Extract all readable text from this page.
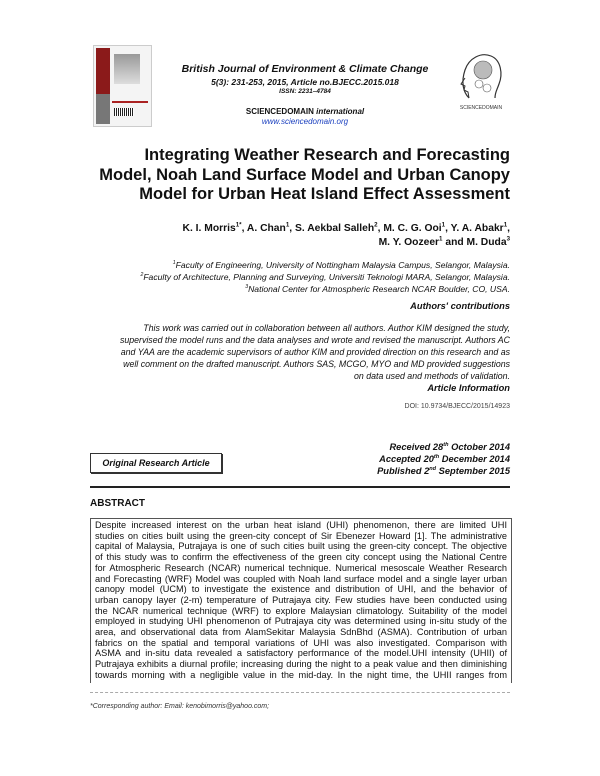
British Journal of Environment & Climate Change
5(3): 231-253, 2015, Article no.BJECC.2015.018
ISSN: 2231–4784
SCIENCEDOMAIN international
www.sciencedomain.org
SCIENCEDOMAIN
Integrating Weather Research and Forecasting
Model, Noah Land Surface Model and Urban Canopy
Model for Urban Heat Island Effect Assessment
K. I. Morris$^{1*}$, A. Chan$^1$, S. Aekbal Salleh$^2$, M. C. G. Ooi$^1$, Y. A. Abakr$^1$,
M. Y. Oozeer$^1$ and M. Duda$^3$
$^1$Faculty of Engineering, University of Nottingham Malaysia Campus, Selangor, Malaysia.
$^2$Faculty of Architecture, Planning and Surveying, Universiti Teknologi MARA, Selangor, Malaysia.
$^3$National Center for Atmospheric Research NCAR Boulder, CO, USA.
Authors' contributions
This work was carried out in collaboration between all authors. Author KIM designed the study,
supervised the model runs and the data analyses and wrote and revised the manuscript. Authors AC
and YAA are the academic supervisors of author KIM and provided direction on this research and as
well comment on the drafted manuscript. Authors SAS, MCGO, MYO and MD provided suggestions
on data used and methods of validation.
Article Information
DOI: 10.9734/BJECC/2015/14923
Received 28th October 2014
Accepted 20th December 2014
Published 2nd September 2015
Original Research Article
ABSTRACT
Despite increased interest on the urban heat island (UHI) phenomenon, there are limited UHI
studies on cities built using the green-city concept of Sir Ebenezer Howard [1]. The administrative
capital of Malaysia, Putrajaya is one of such cities built using the green-city concept. The objective
of this study was to confirm the effectiveness of the green city concept using the National Centre
for Atmospheric Research (NCAR) numerical technique. Numerical mesoscale Weather Research
and Forecasting (WRF) Model was coupled with Noah land surface model and a single layer urban
canopy model (UCM) to investigate the existence and distribution of UHI, and the behavior of
urban canopy layer (2-m) temperature of Putrajaya city. Few studies have been conducted using
the NCAR numerical technique (WRF) to explore Malaysian climatology. Suitability of the model
employed in studying UHI phenomenon of Putrajaya city was determined using in-situ study of the
area, and observational data from AlamSekitar Malaysia SdnBhd (ASMA). Contribution of urban
fabrics on the spatial and temporal variations of UHI was also investigated. Comparison with
ASMA and in-situ data revealed a satisfactory performance of the model.UHI intensity (UHII) of
Putrajaya exhibits a diurnal profile; increasing during the night to a peak value and then diminishing
towards morning with a negligible value in the mid-day. In the night time, the UHII ranges from
*Corresponding author: Email: kenobimorris@yahoo.com;
